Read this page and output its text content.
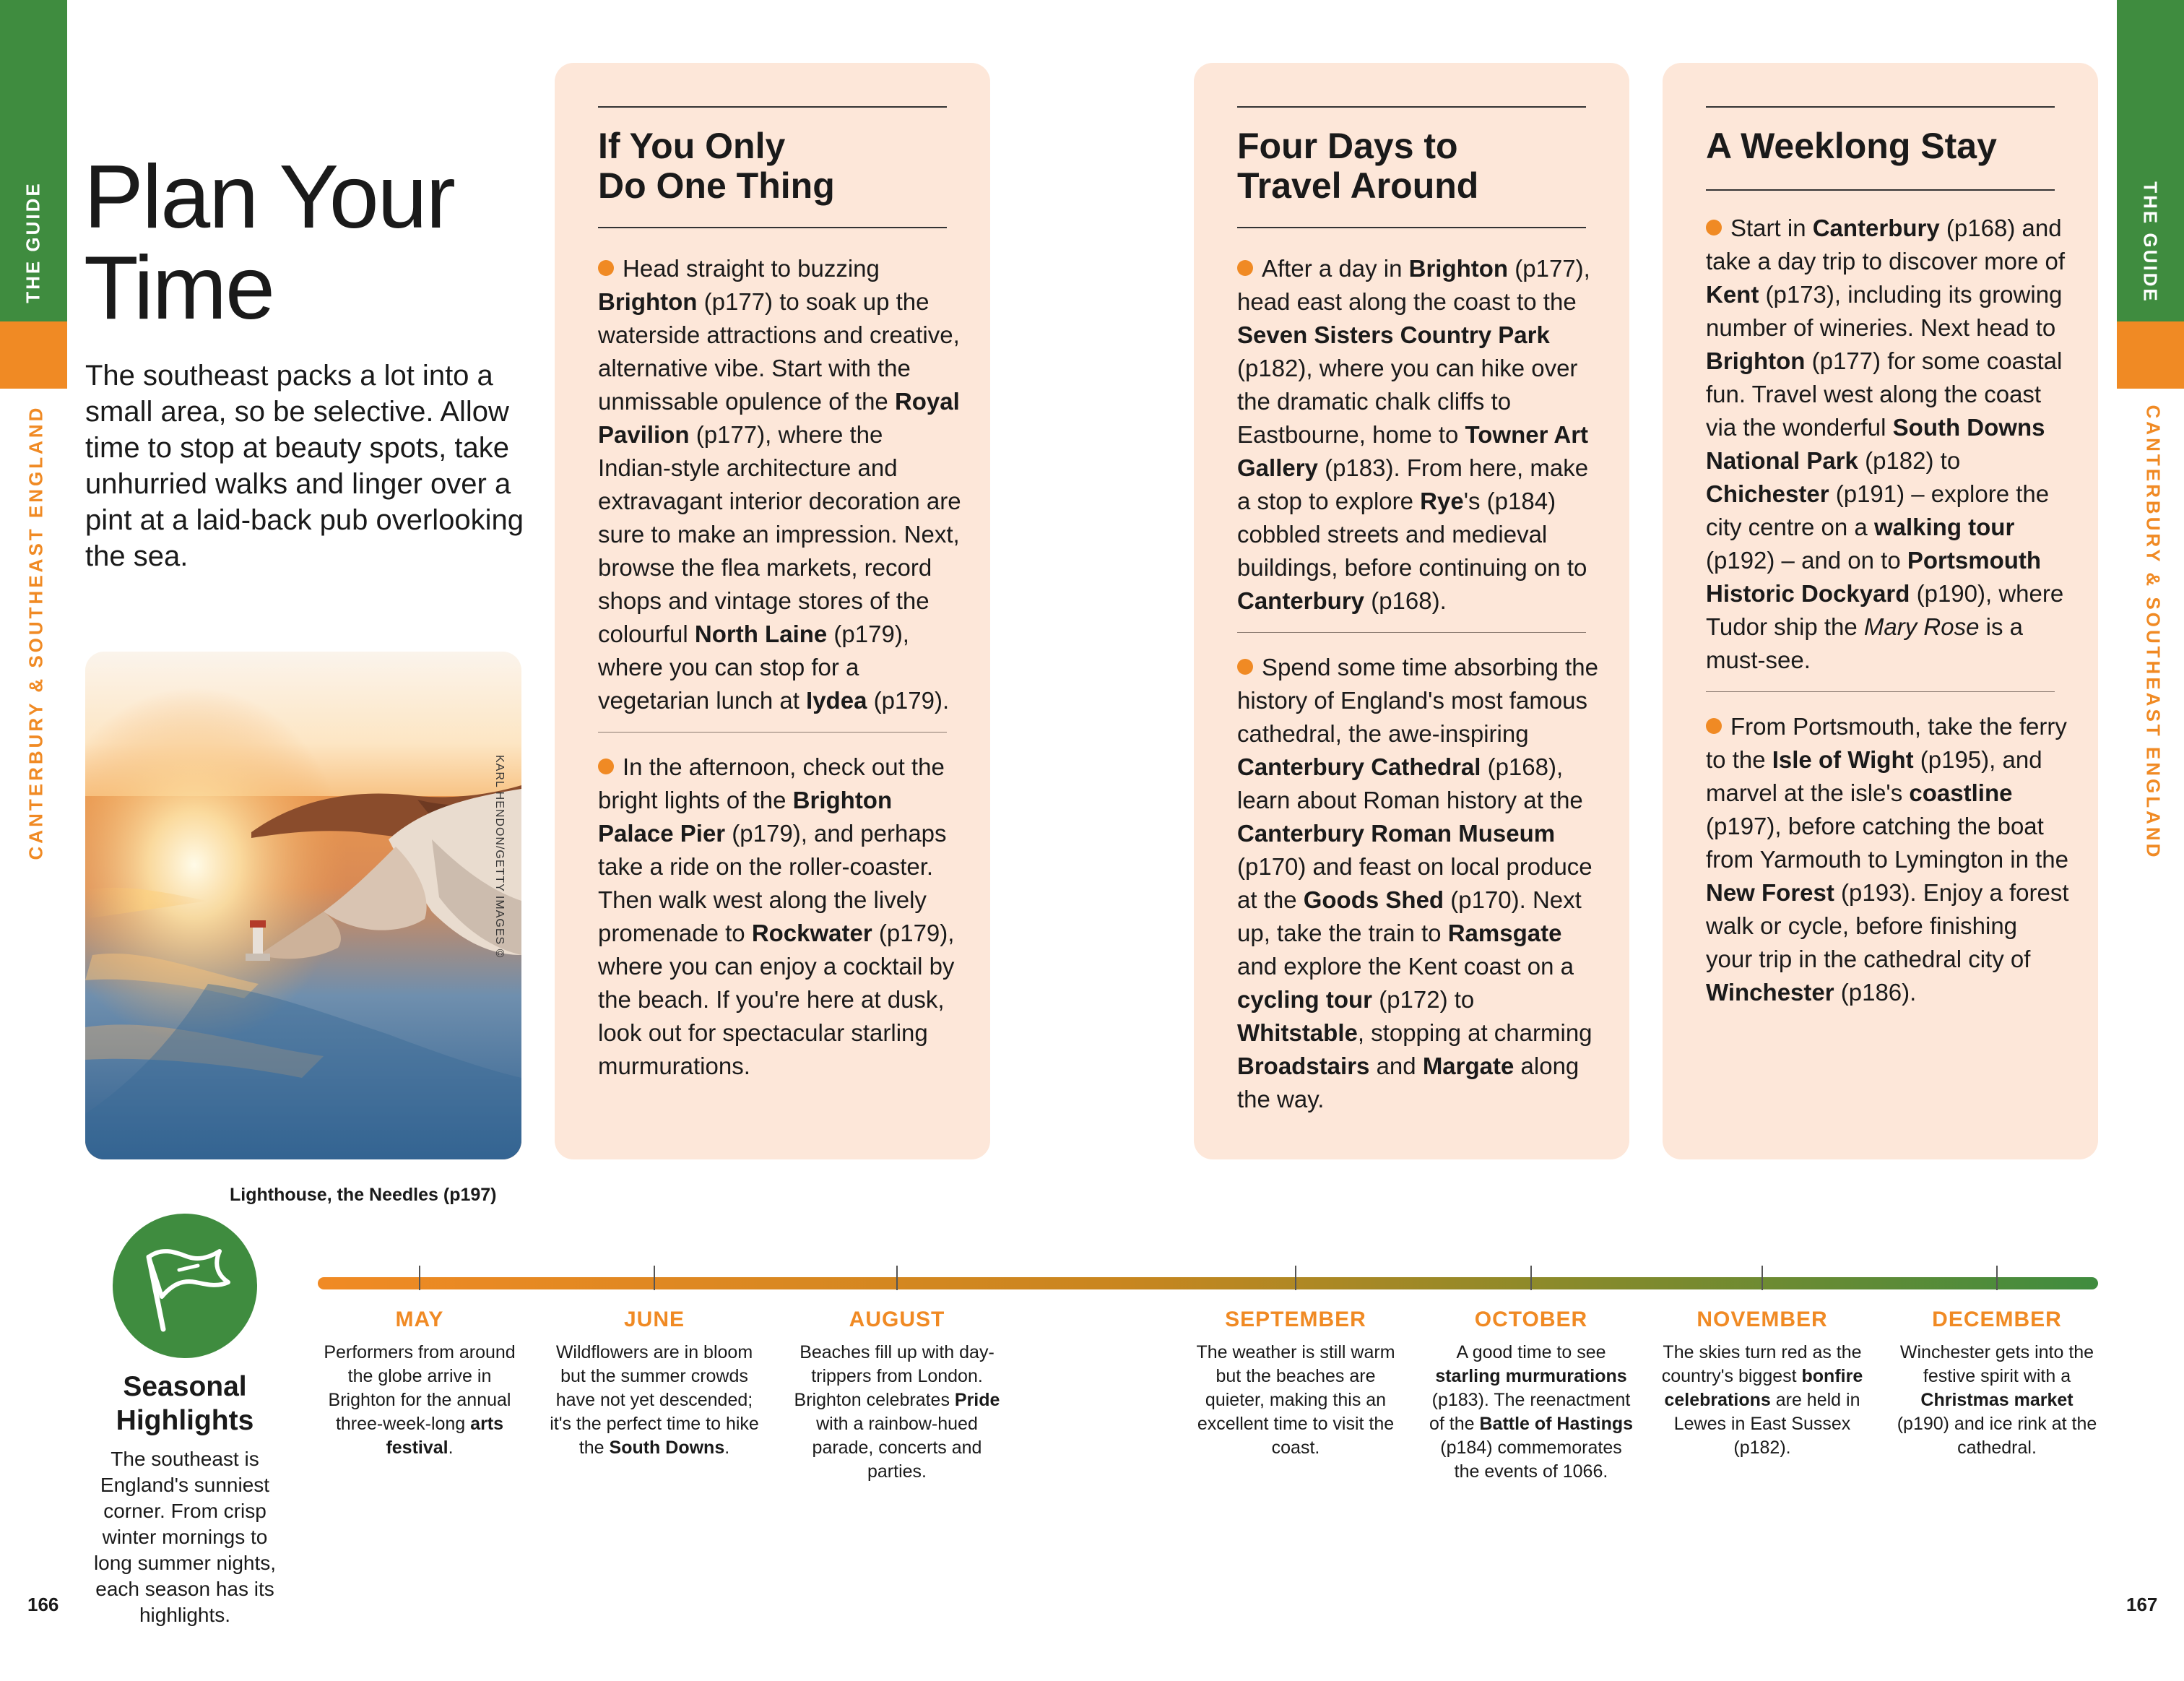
THE GUIDE
CANTERBURY & SOUTHEAST ENGLAND
THE GUIDE
CANTERBURY & SOUTHEAST ENGLAND
Plan Your Time

The southeast packs a lot into a small area, so be selective. Allow time to stop at beauty spots, take unhurried walks and linger over a pint at a laid-back pub overlooking the sea.

KARL HENDON/GETTY IMAGES ©
Lighthouse, the Needles (p197)
If You Only
Do One Thing
Head straight to buzzing Brighton (p177) to soak up the waterside attractions and creative, alternative vibe. Start with the unmissable opulence of the Royal Pavilion (p177), where the Indian-style architecture and extravagant interior decoration are sure to make an impression. Next, browse the flea markets, record shops and vintage stores of the colourful North Laine (p179), where you can stop for a vegetarian lunch at Iydea (p179).
In the afternoon, check out the bright lights of the Brighton Palace Pier (p179), and perhaps take a ride on the roller-coaster. Then walk west along the lively promenade to Rockwater (p179), where you can enjoy a cocktail by the beach. If you're here at dusk, look out for spectacular starling murmurations.
Four Days to
Travel Around
After a day in Brighton (p177), head east along the coast to the Seven Sisters Country Park (p182), where you can hike over the dramatic chalk cliffs to Eastbourne, home to Towner Art Gallery (p183). From here, make a stop to explore Rye's (p184) cobbled streets and medieval buildings, before continuing on to Canterbury (p168).
Spend some time absorbing the history of England's most famous cathedral, the awe-inspiring Canterbury Cathedral (p168), learn about Roman history at the Canterbury Roman Museum (p170) and feast on local produce at the Goods Shed (p170). Next up, take the train to Ramsgate and explore the Kent coast on a cycling tour (p172) to Whitstable, stopping at charming Broadstairs and Margate along the way.
A Weeklong Stay
Start in Canterbury (p168) and take a day trip to discover more of Kent (p173), including its growing number of wineries. Next head to Brighton (p177) for some coastal fun. Travel west along the coast via the wonderful South Downs National Park (p182) to Chichester (p191) – explore the city centre on a walking tour (p192) – and on to Portsmouth Historic Dockyard (p190), where Tudor ship the Mary Rose is a must-see.
From Portsmouth, take the ferry to the Isle of Wight (p195), and marvel at the isle's coastline (p197), before catching the boat from Yarmouth to Lymington in the New Forest (p193). Enjoy a forest walk or cycle, before finishing your trip in the cathedral city of Winchester (p186).
Seasonal
Highlights

The southeast is England's sunniest corner. From crisp winter mornings to long summer nights, each season has its highlights.

MAY
Performers from around the globe arrive in Brighton for the annual three-week-long arts festival.
JUNE
Wildflowers are in bloom but the summer crowds have not yet descended; it's the perfect time to hike the South Downs.
AUGUST
Beaches fill up with day-trippers from London. Brighton celebrates Pride with a rainbow-hued parade, concerts and parties.
SEPTEMBER
The weather is still warm but the beaches are quieter, making this an excellent time to visit the coast.
OCTOBER
A good time to see starling murmurations (p183). The reenactment of the Battle of Hastings (p184) commemorates the events of 1066.
NOVEMBER
The skies turn red as the country's biggest bonfire celebrations are held in Lewes in East Sussex (p182).
DECEMBER
Winchester gets into the festive spirit with a Christmas market (p190) and ice rink at the cathedral.
166	167
